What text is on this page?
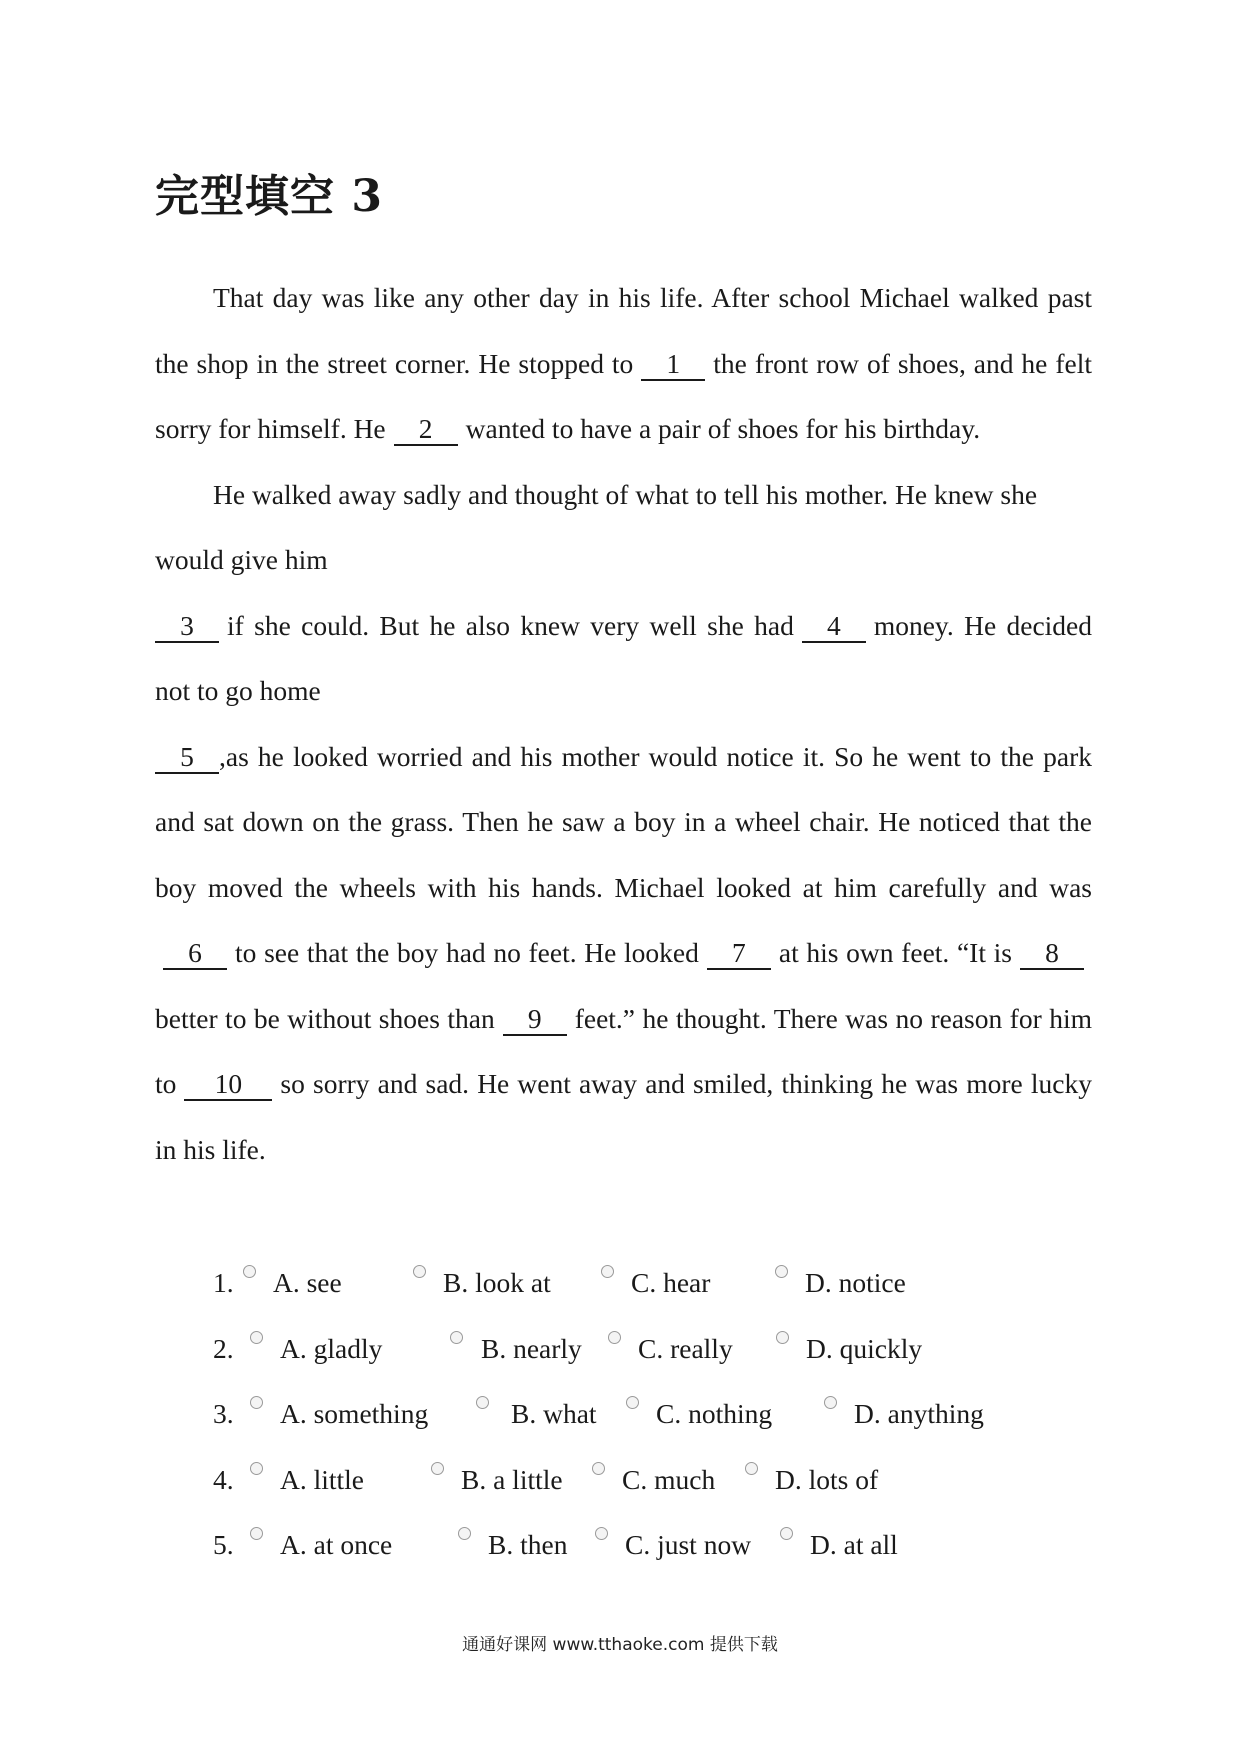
完型填空 3

That day was like any other day in his life. After school Michael walked past the shop in the street corner. He stopped to 1 the front row of shoes, and he felt sorry for himself. He 2 wanted to have a pair of shoes for his birthday.

He walked away sadly and thought of what to tell his mother. He knew she would give him

3 if she could. But he also knew very well she had 4 money. He decided not to go home

5 ,as he looked worried and his mother would notice it. So he went to the park and sat down on the grass. Then he saw a boy in a wheel chair. He noticed that the boy moved the wheels with his hands. Michael looked at him carefully and was6 to see that the boy had no feet. He looked 7 at his own feet. “It is 8better to be without shoes than 9 feet.” he thought. There was no reason for him to 10 so sorry and sad. He went away and smiled, thinking he was more lucky in his life.

1. A. see	B. look at	C. hear	D. notice
2. A. gladly	B. nearly C. really	D. quickly
3. A. something	B. what C. nothing	D. anything
4. A. little	B. a little C. much D. lots of
5. A. at once	B. then C. just now D. at all
通通好课网 www.tthaoke.com 提供下载
